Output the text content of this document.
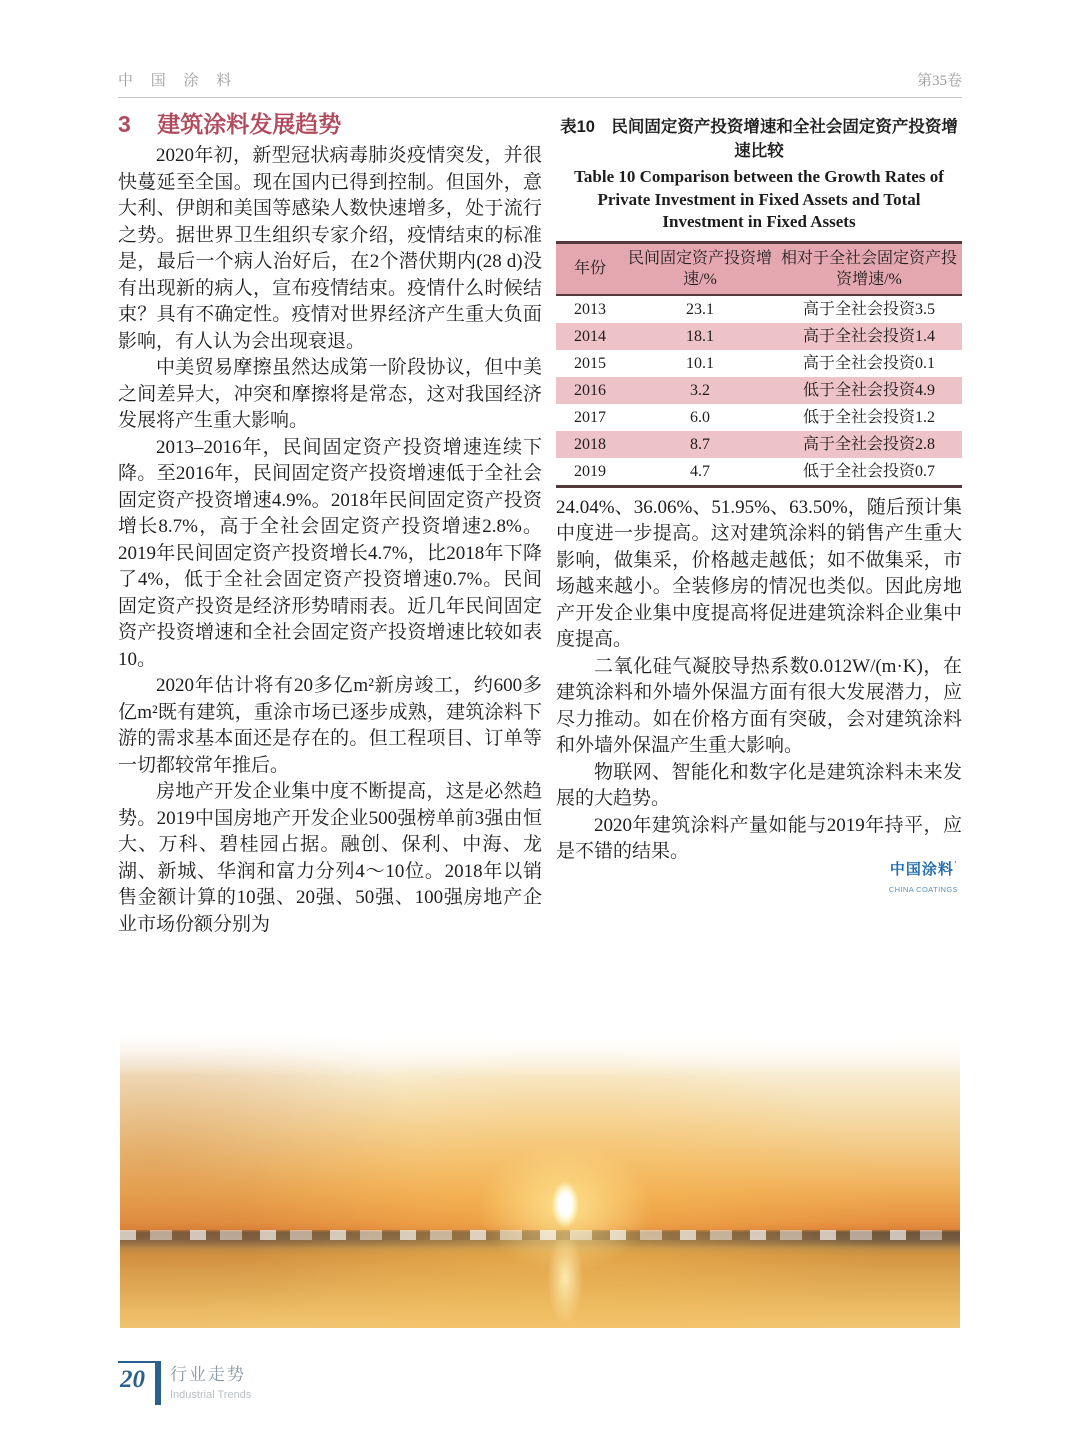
中 国 涂 料	第35卷
3 建筑涂料发展趋势

2020年初，新型冠状病毒肺炎疫情突发，并很快蔓延至全国。现在国内已得到控制。但国外，意大利、伊朗和美国等感染人数快速增多，处于流行之势。据世界卫生组织专家介绍，疫情结束的标准是，最后一个病人治好后，在2个潜伏期内(28 d)没有出现新的病人，宣布疫情结束。疫情什么时候结束？具有不确定性。疫情对世界经济产生重大负面影响，有人认为会出现衰退。

中美贸易摩擦虽然达成第一阶段协议，但中美之间差异大，冲突和摩擦将是常态，这对我国经济发展将产生重大影响。

2013–2016年，民间固定资产投资增速连续下降。至2016年，民间固定资产投资增速低于全社会固定资产投资增速4.9%。2018年民间固定资产投资增长8.7%，高于全社会固定资产投资增速2.8%。2019年民间固定资产投资增长4.7%，比2018年下降了4%，低于全社会固定资产投资增速0.7%。民间固定资产投资是经济形势晴雨表。近几年民间固定资产投资增速和全社会固定资产投资增速比较如表10。

2020年估计将有20多亿m²新房竣工，约600多亿m²既有建筑，重涂市场已逐步成熟，建筑涂料下游的需求基本面还是存在的。但工程项目、订单等一切都较常年推后。

房地产开发企业集中度不断提高，这是必然趋势。2019中国房地产开发企业500强榜单前3强由恒大、万科、碧桂园占据。融创、保利、中海、龙湖、新城、华润和富力分列4～10位。2018年以销售金额计算的10强、20强、50强、100强房地产企业市场份额分别为

表10　民间固定资产投资增速和全社会固定资产投资增速比较

Table 10 Comparison between the Growth Rates of Private Investment in Fixed Assets and Total Investment in Fixed Assets

年份	民间固定资产投资增速/%	相对于全社会固定资产投资增速/%
2013	23.1	高于全社会投资3.5
2014	18.1	高于全社会投资1.4
2015	10.1	高于全社会投资0.1
2016	3.2	低于全社会投资4.9
2017	6.0	低于全社会投资1.2
2018	8.7	高于全社会投资2.8
2019	4.7	低于全社会投资0.7

24.04%、36.06%、51.95%、63.50%，随后预计集中度进一步提高。这对建筑涂料的销售产生重大影响，做集采，价格越走越低；如不做集采，市场越来越小。全装修房的情况也类似。因此房地产开发企业集中度提高将促进建筑涂料企业集中度提高。

二氧化硅气凝胶导热系数0.012W/(m·K)，在建筑涂料和外墙外保温方面有很大发展潜力，应尽力推动。如在价格方面有突破，会对建筑涂料和外墙外保温产生重大影响。

物联网、智能化和数字化是建筑涂料未来发展的大趋势。

2020年建筑涂料产量如能与2019年持平，应是不错的结果。

中国涂料’
CHINA COATINGS
20	行业走势
Industrial Trends
